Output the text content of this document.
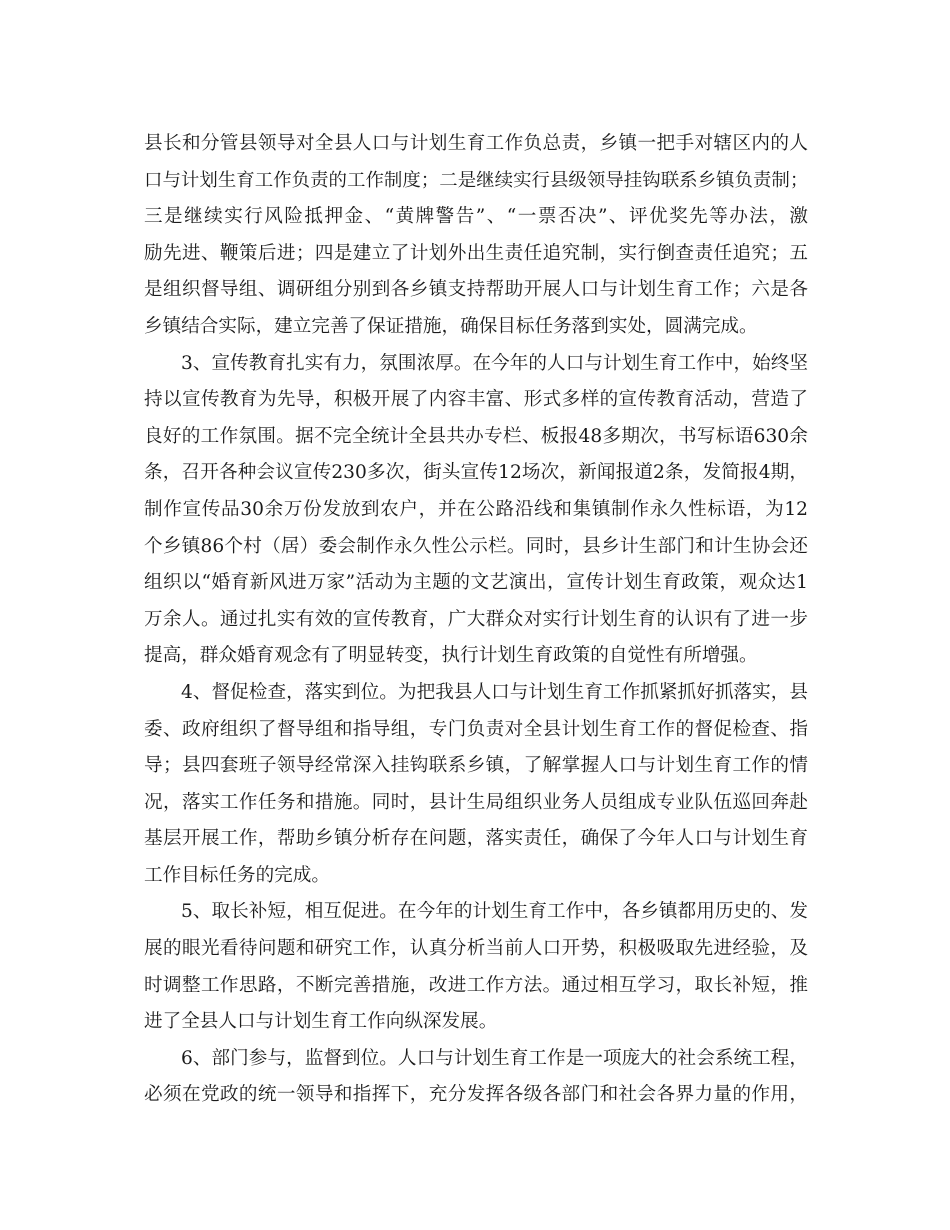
县长和分管县领导对全县人口与计划生育工作负总责，乡镇一把手对辖区内的人
口与计划生育工作负责的工作制度；二是继续实行县级领导挂钩联系乡镇负责制；
三是继续实行风险抵押金、“黄牌警告”、“一票否决”、评优奖先等办法，激
励先进、鞭策后进；四是建立了计划外出生责任追究制，实行倒查责任追究；五
是组织督导组、调研组分别到各乡镇支持帮助开展人口与计划生育工作；六是各
乡镇结合实际，建立完善了保证措施，确保目标任务落到实处，圆满完成。
3、宣传教育扎实有力，氛围浓厚。在今年的人口与计划生育工作中，始终坚
持以宣传教育为先导，积极开展了内容丰富、形式多样的宣传教育活动，营造了
良好的工作氛围。据不完全统计全县共办专栏、板报48多期次，书写标语630余
条，召开各种会议宣传230多次，街头宣传12场次，新闻报道2条，发简报4期，
制作宣传品30余万份发放到农户，并在公路沿线和集镇制作永久性标语，为12
个乡镇86个村（居）委会制作永久性公示栏。同时，县乡计生部门和计生协会还
组织以“婚育新风进万家”活动为主题的文艺演出，宣传计划生育政策，观众达1
万余人。通过扎实有效的宣传教育，广大群众对实行计划生育的认识有了进一步
提高，群众婚育观念有了明显转变，执行计划生育政策的自觉性有所增强。
4、督促检查，落实到位。为把我县人口与计划生育工作抓紧抓好抓落实，县
委、政府组织了督导组和指导组，专门负责对全县计划生育工作的督促检查、指
导；县四套班子领导经常深入挂钩联系乡镇，了解掌握人口与计划生育工作的情
况，落实工作任务和措施。同时，县计生局组织业务人员组成专业队伍巡回奔赴
基层开展工作，帮助乡镇分析存在问题，落实责任，确保了今年人口与计划生育
工作目标任务的完成。
5、取长补短，相互促进。在今年的计划生育工作中，各乡镇都用历史的、发
展的眼光看待问题和研究工作，认真分析当前人口开势，积极吸取先进经验，及
时调整工作思路，不断完善措施，改进工作方法。通过相互学习，取长补短，推
进了全县人口与计划生育工作向纵深发展。
6、部门参与，监督到位。人口与计划生育工作是一项庞大的社会系统工程，
必须在党政的统一领导和指挥下，充分发挥各级各部门和社会各界力量的作用，
